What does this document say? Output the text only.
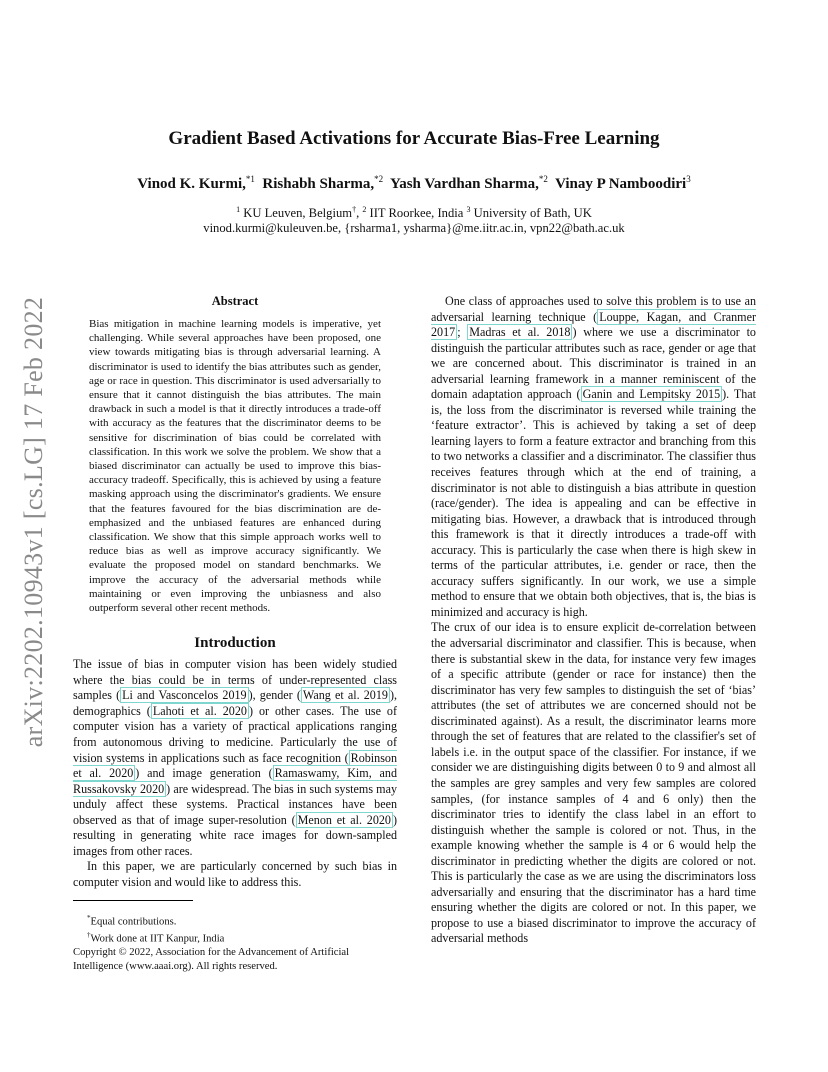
arXiv:2202.10943v1 [cs.LG] 17 Feb 2022
Gradient Based Activations for Accurate Bias-Free Learning
Vinod K. Kurmi,$^{*1}$ Rishabh Sharma,$^{*2}$ Yash Vardhan Sharma,$^{*2}$ Vinay P Namboodiri$^3$
$^1$ KU Leuven, Belgium†, $^2$ IIT Roorkee, India $^3$ University of Bath, UK
vinod.kurmi@kuleuven.be, {rsharma1, ysharma}@me.iitr.ac.in, vpn22@bath.ac.uk
Abstract

Bias mitigation in machine learning models is imperative, yet challenging. While several approaches have been proposed, one view towards mitigating bias is through adversarial learning. A discriminator is used to identify the bias attributes such as gender, age or race in question. This discriminator is used adversarially to ensure that it cannot distinguish the bias attributes. The main drawback in such a model is that it directly introduces a trade-off with accuracy as the features that the discriminator deems to be sensitive for discrimination of bias could be correlated with classification. In this work we solve the problem. We show that a biased discriminator can actually be used to improve this bias-accuracy tradeoff. Specifically, this is achieved by using a feature masking approach using the discriminator's gradients. We ensure that the features favoured for the bias discrimination are de-emphasized and the unbiased features are enhanced during classification. We show that this simple approach works well to reduce bias as well as improve accuracy significantly. We evaluate the proposed model on standard benchmarks. We improve the accuracy of the adversarial methods while maintaining or even improving the unbiasness and also outperform several other recent methods.

Introduction

The issue of bias in computer vision has been widely studied where the bias could be in terms of under-represented class samples ( Li and Vasconcelos 2019 ), gender ( Wang et al. 2019 ), demographics ( Lahoti et al. 2020 ) or other cases. The use of computer vision has a variety of practical applications ranging from autonomous driving to medicine. Particularly the use of vision systems in applications such as face recognition ( Robinson et al. 2020 ) and image generation ( Ramaswamy, Kim, and Russakovsky 2020 ) are widespread. The bias in such systems may unduly affect these systems. Practical instances have been observed as that of image super-resolution ( Menon et al. 2020 ) resulting in generating white race images for down-sampled images from other races.

In this paper, we are particularly concerned by such bias in computer vision and would like to address this.

*Equal contributions.

†Work done at IIT Kanpur, India

Copyright © 2022, Association for the Advancement of Artificial Intelligence (www.aaai.org). All rights reserved.

One class of approaches used to solve this problem is to use an adversarial learning technique ( Louppe, Kagan, and Cranmer 2017 ; Madras et al. 2018 ) where we use a discriminator to distinguish the particular attributes such as race, gender or age that we are concerned about. This discriminator is trained in an adversarial learning framework in a manner reminiscent of the domain adaptation approach ( Ganin and Lempitsky 2015 ). That is, the loss from the discriminator is reversed while training the ‘feature extractor’. This is achieved by taking a set of deep learning layers to form a feature extractor and branching from this to two networks a classifier and a discriminator. The classifier thus receives features through which at the end of training, a discriminator is not able to distinguish a bias attribute in question (race/gender). The idea is appealing and can be effective in mitigating bias. However, a drawback that is introduced through this framework is that it directly introduces a trade-off with accuracy. This is particularly the case when there is high skew in terms of the particular attributes, i.e. gender or race, then the accuracy suffers significantly. In our work, we use a simple method to ensure that we obtain both objectives, that is, the bias is minimized and accuracy is high.

The crux of our idea is to ensure explicit de-correlation between the adversarial discriminator and classifier. This is because, when there is substantial skew in the data, for instance very few images of a specific attribute (gender or race for instance) then the discriminator has very few samples to distinguish the set of ‘bias’ attributes (the set of attributes we are concerned should not be discriminated against). As a result, the discriminator learns more through the set of features that are related to the classifier's set of labels i.e. in the output space of the classifier. For instance, if we consider we are distinguishing digits between 0 to 9 and almost all the samples are grey samples and very few samples are colored samples, (for instance samples of 4 and 6 only) then the discriminator tries to identify the class label in an effort to distinguish whether the sample is colored or not. Thus, in the example knowing whether the sample is 4 or 6 would help the discriminator in predicting whether the digits are colored or not. This is particularly the case as we are using the discriminators loss adversarially and ensuring that the discriminator has a hard time ensuring whether the digits are colored or not. In this paper, we propose to use a biased discriminator to improve the accuracy of adversarial methods
